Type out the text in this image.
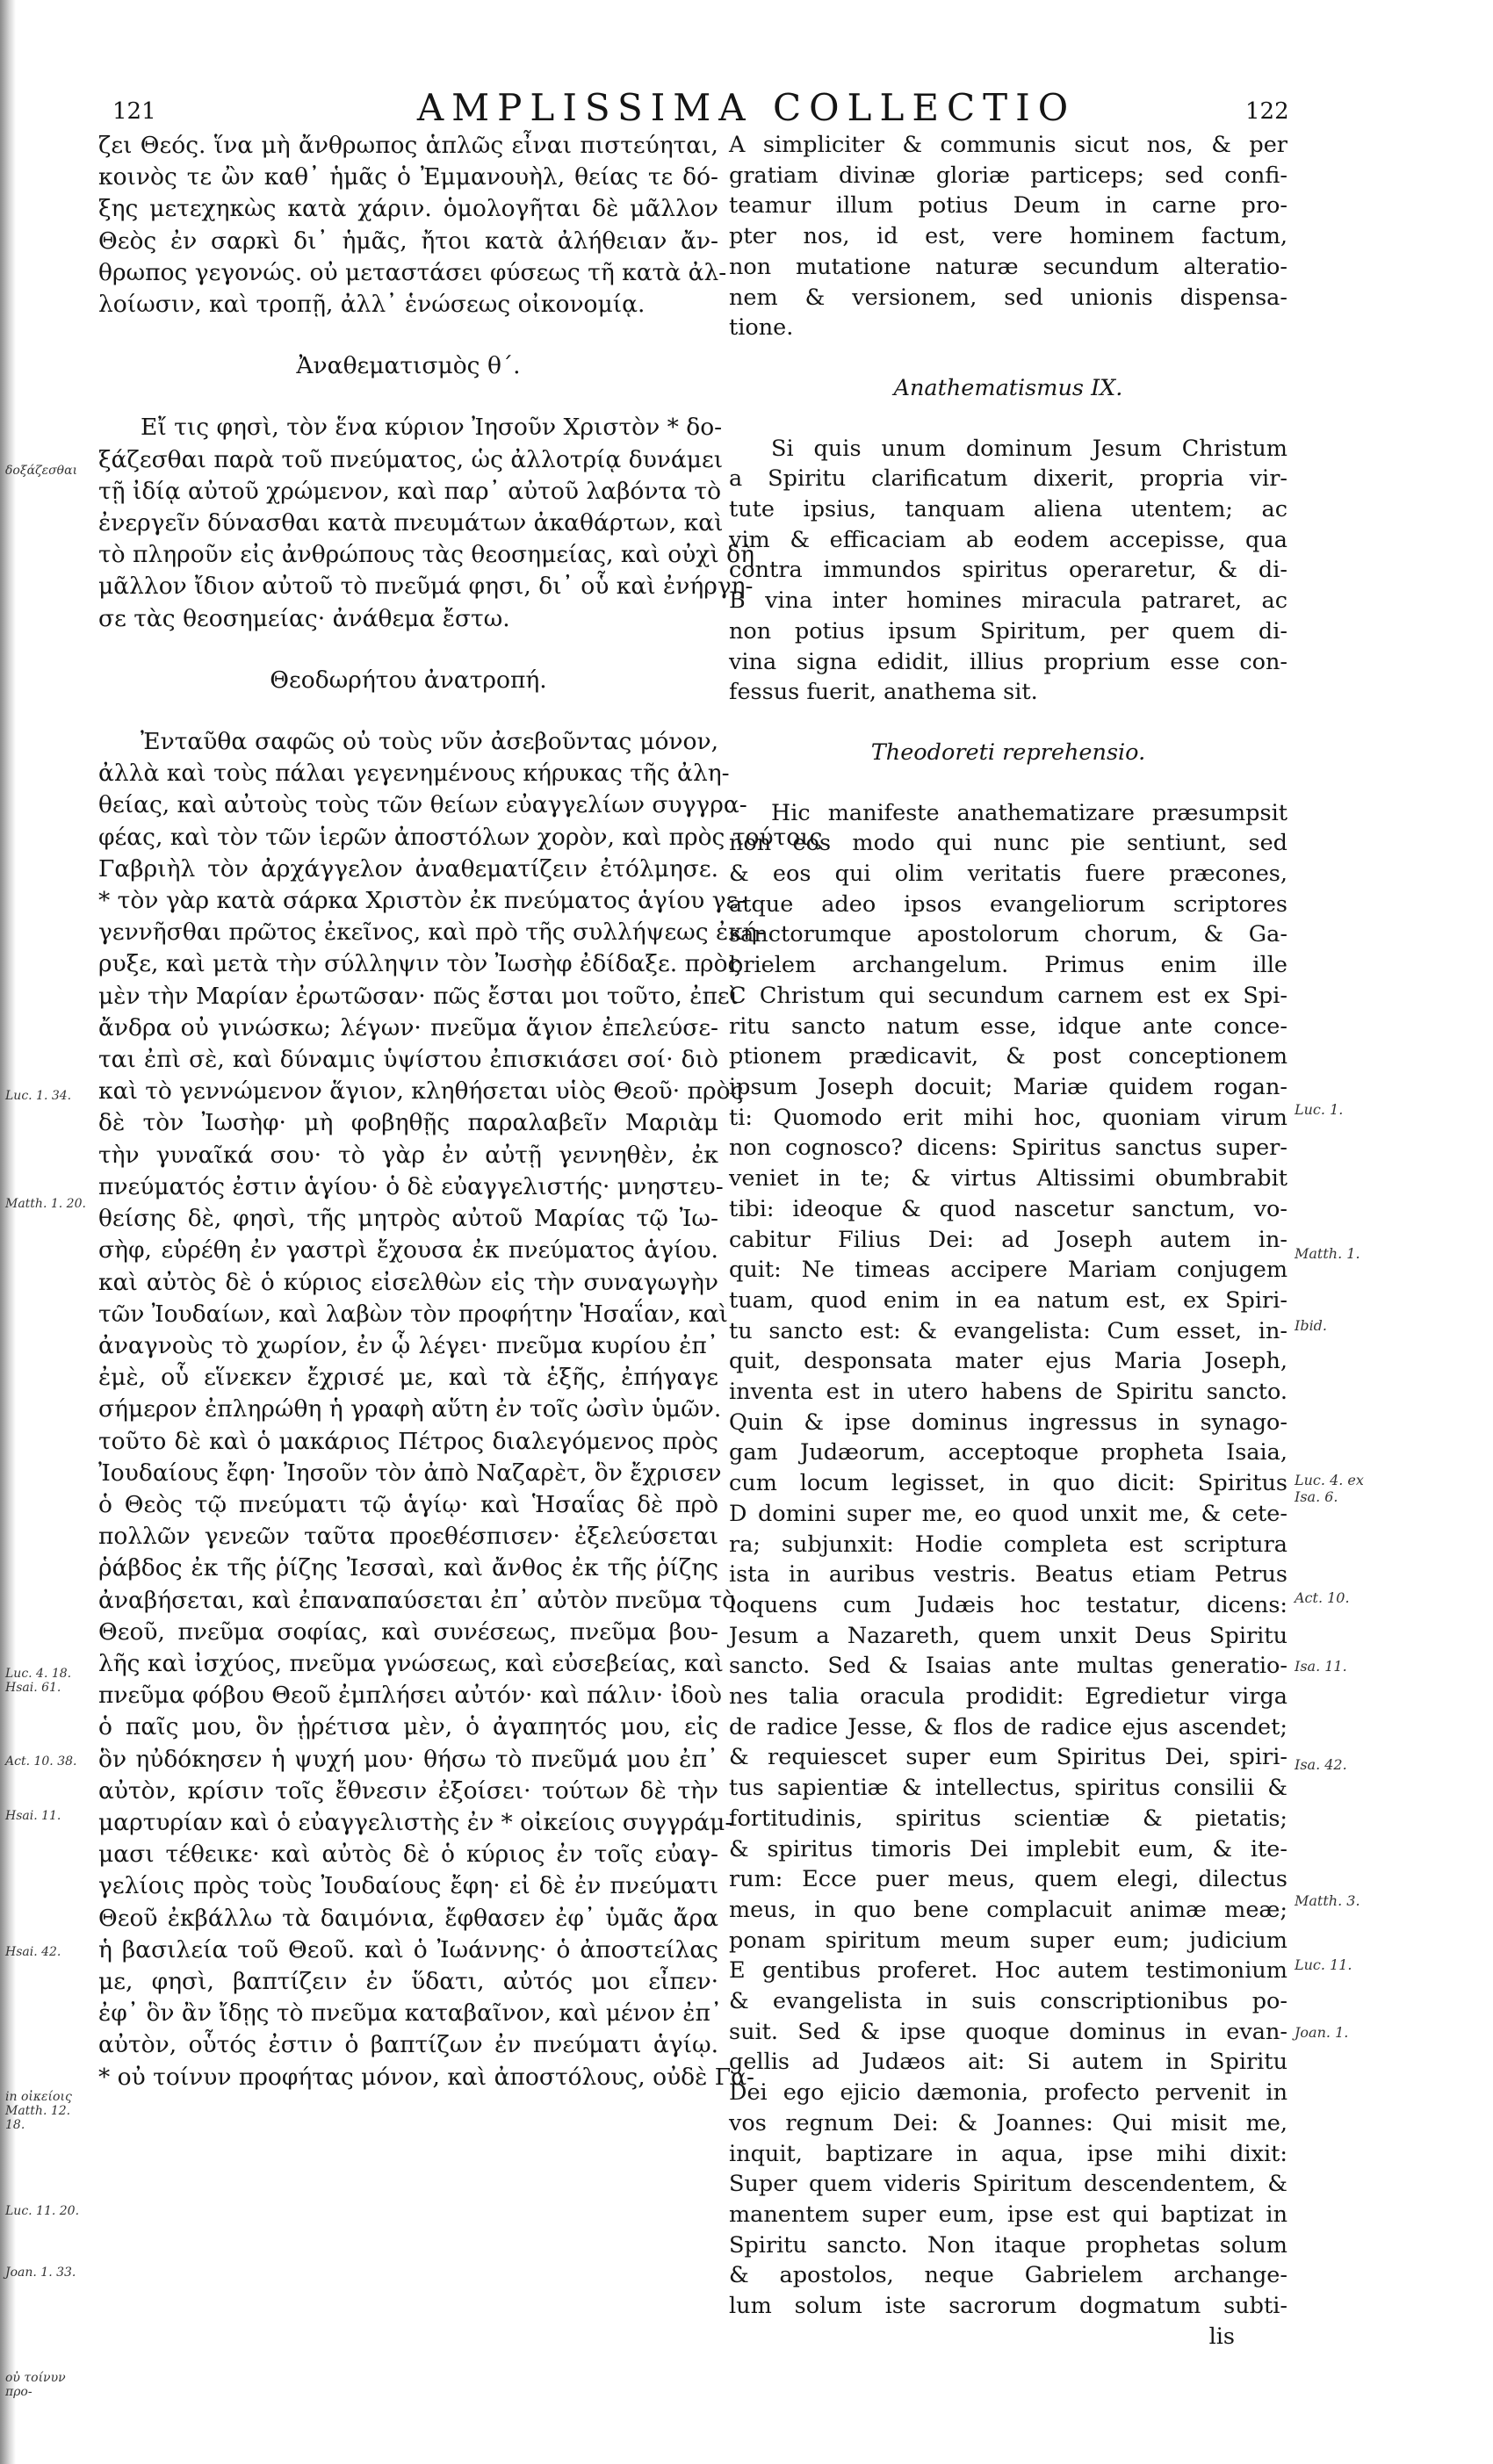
121	AMPLISSIMA COLLECTIO	122

ζει Θεός. ἵνα μὴ ἄνθρωπος ἁπλῶς εἶναι πιστεύηται,

κοινὸς τε ὢν καθ᾽ ἡμᾶς ὁ Ἐμμανουὴλ, θείας τε δό-

ξης μετεχηκὼς κατὰ χάριν. ὁμολογῆται δὲ μᾶλλον

Θεὸς ἐν σαρκὶ δι᾽ ἡμᾶς, ἤτοι κατὰ ἀλήθειαν ἄν-

θρωπος γεγονώς. οὐ μεταστάσει φύσεως τῆ κατὰ ἀλ-

λοίωσιν, καὶ τροπῇ, ἀλλ᾽ ἑνώσεως οἰκονομίᾳ.

Ἀναθεματισμὸς θ΄.

Εἴ τις φησὶ, τὸν ἕνα κύριον Ἰησοῦν Χριστὸν * δο-

ξάζεσθαι παρὰ τοῦ πνεύματος, ὡς ἀλλοτρίᾳ δυνάμει

τῇ ἰδίᾳ αὐτοῦ χρώμενον, καὶ παρ᾽ αὐτοῦ λαβόντα τὸ

ἐνεργεῖν δύνασθαι κατὰ πνευμάτων ἀκαθάρτων, καὶ

τὸ πληροῦν εἰς ἀνθρώπους τὰς θεοσημείας, καὶ οὐχὶ δὴ

μᾶλλον ἴδιον αὐτοῦ τὸ πνεῦμά φησι, δι᾽ οὗ καὶ ἐνήργη-

σε τὰς θεοσημείας· ἀνάθεμα ἔστω.

Θεοδωρήτου ἀνατροπή.

Ἐνταῦθα σαφῶς οὐ τοὺς νῦν ἀσεβοῦντας μόνον,

ἀλλὰ καὶ τοὺς πάλαι γεγενημένους κήρυκας τῆς ἀλη-

θείας, καὶ αὐτοὺς τοὺς τῶν θείων εὐαγγελίων συγγρα-

φέας, καὶ τὸν τῶν ἱερῶν ἀποστόλων χορὸν, καὶ πρὸς τούτοις

Γαβριὴλ τὸν ἀρχάγγελον ἀναθεματίζειν ἐτόλμησε.

* τὸν γὰρ κατὰ σάρκα Χριστὸν ἐκ πνεύματος ἁγίου γε-

γεννῆσθαι πρῶτος ἐκεῖνος, καὶ πρὸ τῆς συλλήψεως ἐκή-

ρυξε, καὶ μετὰ τὴν σύλληψιν τὸν Ἰωσὴφ ἐδίδαξε. πρὸς

μὲν τὴν Μαρίαν ἐρωτῶσαν· πῶς ἔσται μοι τοῦτο, ἐπεὶ

ἄνδρα οὐ γινώσκω; λέγων· πνεῦμα ἅγιον ἐπελεύσε-

ται ἐπὶ σὲ, καὶ δύναμις ὑψίστου ἐπισκιάσει σοί· διὸ

καὶ τὸ γεννώμενον ἅγιον, κληθήσεται υἱὸς Θεοῦ· πρὸς

δὲ τὸν Ἰωσὴφ· μὴ φοβηθῇς παραλαβεῖν Μαριὰμ

τὴν γυναῖκά σου· τὸ γὰρ ἐν αὐτῇ γεννηθὲν, ἐκ

πνεύματός ἐστιν ἁγίου· ὁ δὲ εὐαγγελιστής· μνηστευ-

θείσης δὲ, φησὶ, τῆς μητρὸς αὐτοῦ Μαρίας τῷ Ἰω-

σὴφ, εὑρέθη ἐν γαστρὶ ἔχουσα ἐκ πνεύματος ἁγίου.

καὶ αὐτὸς δὲ ὁ κύριος εἰσελθὼν εἰς τὴν συναγωγὴν

τῶν Ἰουδαίων, καὶ λαβὼν τὸν προφήτην Ἡσαΐαν, καὶ

ἀναγνοὺς τὸ χωρίον, ἐν ᾧ λέγει· πνεῦμα κυρίου ἐπ᾽

ἐμὲ, οὗ εἵνεκεν ἔχρισέ με, καὶ τὰ ἑξῆς, ἐπήγαγε

σήμερον ἐπληρώθη ἡ γραφὴ αὕτη ἐν τοῖς ὠσὶν ὑμῶν.

τοῦτο δὲ καὶ ὁ μακάριος Πέτρος διαλεγόμενος πρὸς

Ἰουδαίους ἔφη· Ἰησοῦν τὸν ἀπὸ Ναζαρὲτ, ὃν ἔχρισεν

ὁ Θεὸς τῷ πνεύματι τῷ ἁγίῳ· καὶ Ἡσαΐας δὲ πρὸ

πολλῶν γενεῶν ταῦτα προεθέσπισεν· ἐξελεύσεται

ῥάβδος ἐκ τῆς ῥίζης Ἰεσσαὶ, καὶ ἄνθος ἐκ τῆς ῥίζης

ἀναβήσεται, καὶ ἐπαναπαύσεται ἐπ᾽ αὐτὸν πνεῦμα τὸ

Θεοῦ, πνεῦμα σοφίας, καὶ συνέσεως, πνεῦμα βου-

λῆς καὶ ἰσχύος, πνεῦμα γνώσεως, καὶ εὐσεβείας, καὶ

πνεῦμα φόβου Θεοῦ ἐμπλήσει αὐτόν· καὶ πάλιν· ἰδοὺ

ὁ παῖς μου, ὃν ᾑρέτισα μὲν, ὁ ἀγαπητός μου, εἰς

ὃν ηὐδόκησεν ἡ ψυχή μου· θήσω τὸ πνεῦμά μου ἐπ᾽

αὐτὸν, κρίσιν τοῖς ἔθνεσιν ἐξοίσει· τούτων δὲ τὴν

μαρτυρίαν καὶ ὁ εὐαγγελιστὴς ἐν * οἰκείοις συγγράμ-

μασι τέθεικε· καὶ αὐτὸς δὲ ὁ κύριος ἐν τοῖς εὐαγ-

γελίοις πρὸς τοὺς Ἰουδαίους ἔφη· εἰ δὲ ἐν πνεύματι

Θεοῦ ἐκβάλλω τὰ δαιμόνια, ἔφθασεν ἐφ᾽ ὑμᾶς ἄρα

ἡ βασιλεία τοῦ Θεοῦ. καὶ ὁ Ἰωάννης· ὁ ἀποστείλας

με, φησὶ, βαπτίζειν ἐν ὕδατι, αὐτός μοι εἶπεν·

ἐφ᾽ ὃν ἂν ἴδῃς τὸ πνεῦμα καταβαῖνον, καὶ μένον ἐπ᾽

αὐτὸν, οὗτός ἐστιν ὁ βαπτίζων ἐν πνεύματι ἁγίῳ.

* οὐ τοίνυν προφήτας μόνον, καὶ ἀποστόλους, οὐδὲ Γα-

A simpliciter & communis sicut nos, & per

gratiam divinæ gloriæ particeps; sed confi-

teamur illum potius Deum in carne pro-

pter nos, id est, vere hominem factum,

non mutatione naturæ secundum alteratio-

nem & versionem, sed unionis dispensa-

tione.

Anathematismus IX.

Si quis unum dominum Jesum Christum

a Spiritu clarificatum dixerit, propria vir-

tute ipsius, tanquam aliena utentem; ac

vim & efficaciam ab eodem accepisse, qua

contra immundos spiritus operaretur, & di-

B vina inter homines miracula patraret, ac

non potius ipsum Spiritum, per quem di-

vina signa edidit, illius proprium esse con-

fessus fuerit, anathema sit.

Theodoreti reprehensio.

Hic manifeste anathematizare præsumpsit

non eos modo qui nunc pie sentiunt, sed

& eos qui olim veritatis fuere præcones,

atque adeo ipsos evangeliorum scriptores

sanctorumque apostolorum chorum, & Ga-

brielem archangelum. Primus enim ille

C Christum qui secundum carnem est ex Spi-

ritu sancto natum esse, idque ante conce-

ptionem prædicavit, & post conceptionem

ipsum Joseph docuit; Mariæ quidem rogan-

ti: Quomodo erit mihi hoc, quoniam virum

non cognosco? dicens: Spiritus sanctus super-

veniet in te; & virtus Altissimi obumbrabit

tibi: ideoque & quod nascetur sanctum, vo-

cabitur Filius Dei: ad Joseph autem in-

quit: Ne timeas accipere Mariam conjugem

tuam, quod enim in ea natum est, ex Spiri-

tu sancto est: & evangelista: Cum esset, in-

quit, desponsata mater ejus Maria Joseph,

inventa est in utero habens de Spiritu sancto.

Quin & ipse dominus ingressus in synago-

gam Judæorum, acceptoque propheta Isaia,

cum locum legisset, in quo dicit: Spiritus

D domini super me, eo quod unxit me, & cete-

ra; subjunxit: Hodie completa est scriptura

ista in auribus vestris. Beatus etiam Petrus

loquens cum Judæis hoc testatur, dicens:

Jesum a Nazareth, quem unxit Deus Spiritu

sancto. Sed & Isaias ante multas generatio-

nes talia oracula prodidit: Egredietur virga

de radice Jesse, & flos de radice ejus ascendet;

& requiescet super eum Spiritus Dei, spiri-

tus sapientiæ & intellectus, spiritus consilii &

fortitudinis, spiritus scientiæ & pietatis;

& spiritus timoris Dei implebit eum, & ite-

rum: Ecce puer meus, quem elegi, dilectus

meus, in quo bene complacuit animæ meæ;

ponam spiritum meum super eum; judicium

E gentibus proferet. Hoc autem testimonium

& evangelista in suis conscriptionibus po-

suit. Sed & ipse quoque dominus in evan-

gellis ad Judæos ait: Si autem in Spiritu

Dei ego ejicio dæmonia, profecto pervenit in

vos regnum Dei: & Joannes: Qui misit me,

inquit, baptizare in aqua, ipse mihi dixit:

Super quem videris Spiritum descendentem, &

manentem super eum, ipse est qui baptizat in

Spiritu sancto. Non itaque prophetas solum

& apostolos, neque Gabrielem archange-

lum solum iste sacrorum dogmatum subti-

lis

δοξάζεσθαι
Luc. 1. 34.
Matth. 1. 20.
Luc. 4. 18. Hsai. 61.
Act. 10. 38.
Hsai. 11.
Hsai. 42.
in οἰκείοις Matth. 12. 18.
Luc. 11. 20.
Joan. 1. 33.
οὐ τοίνυν προ-
Luc. 1.
Matth. 1.
Ibid.
Luc. 4. ex Isa. 6.
Act. 10.
Isa. 11.
Isa. 42.
Matth. 3.
Luc. 11.
Joan. 1.
